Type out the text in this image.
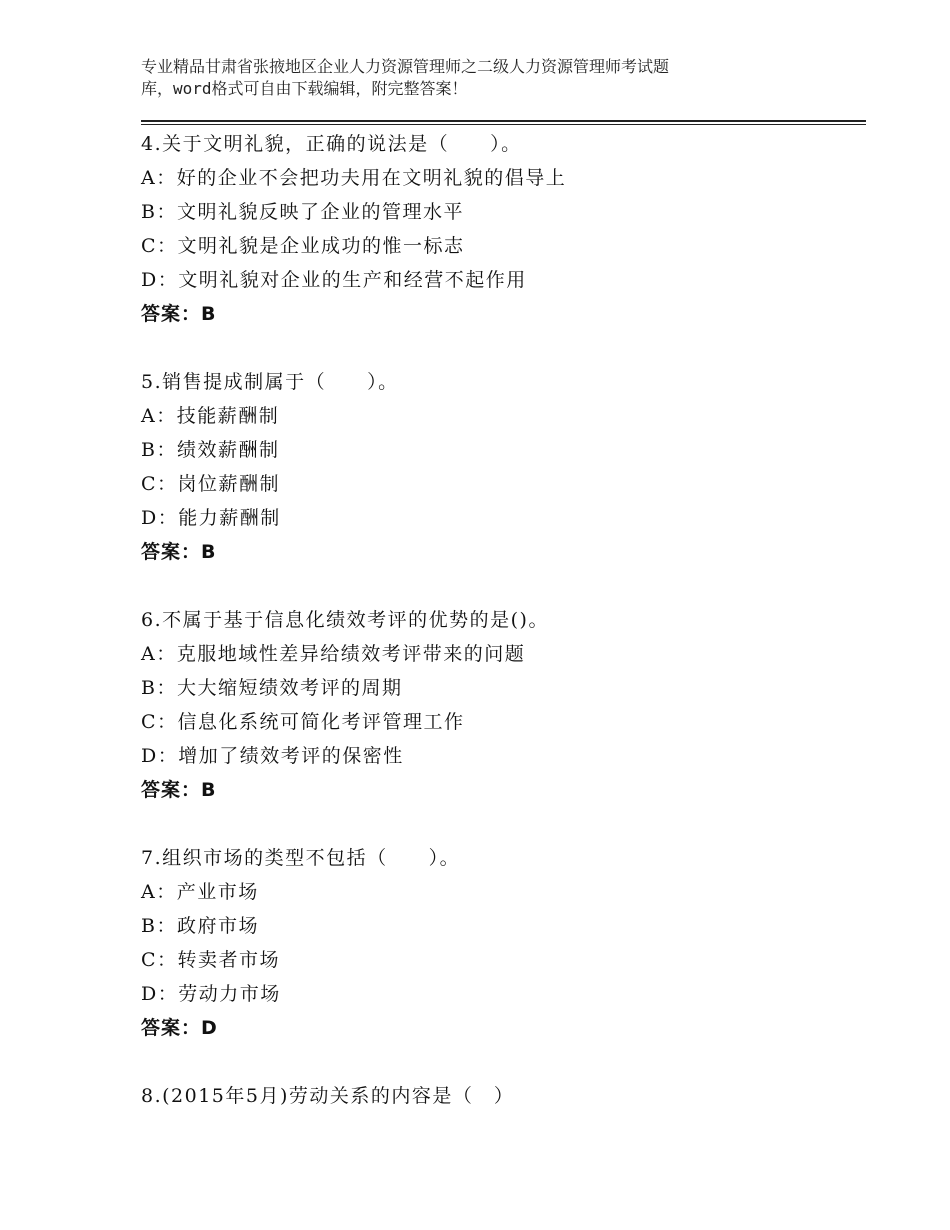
专业精品甘肃省张掖地区企业人力资源管理师之二级人力资源管理师考试题
库，word格式可自由下载编辑，附完整答案！
4.关于文明礼貌，正确的说法是（　　）。
A：好的企业不会把功夫用在文明礼貌的倡导上
B：文明礼貌反映了企业的管理水平
C：文明礼貌是企业成功的惟一标志
D：文明礼貌对企业的生产和经营不起作用
答案：B
5.销售提成制属于（　　）。
A：技能薪酬制
B：绩效薪酬制
C：岗位薪酬制
D：能力薪酬制
答案：B
6.不属于基于信息化绩效考评的优势的是()。
A：克服地域性差异给绩效考评带来的问题
B：大大缩短绩效考评的周期
C：信息化系统可简化考评管理工作
D：增加了绩效考评的保密性
答案：B
7.组织市场的类型不包括（　　）。
A：产业市场
B：政府市场
C：转卖者市场
D：劳动力市场
答案：D
8.(2015年5月)劳动关系的内容是（　）
